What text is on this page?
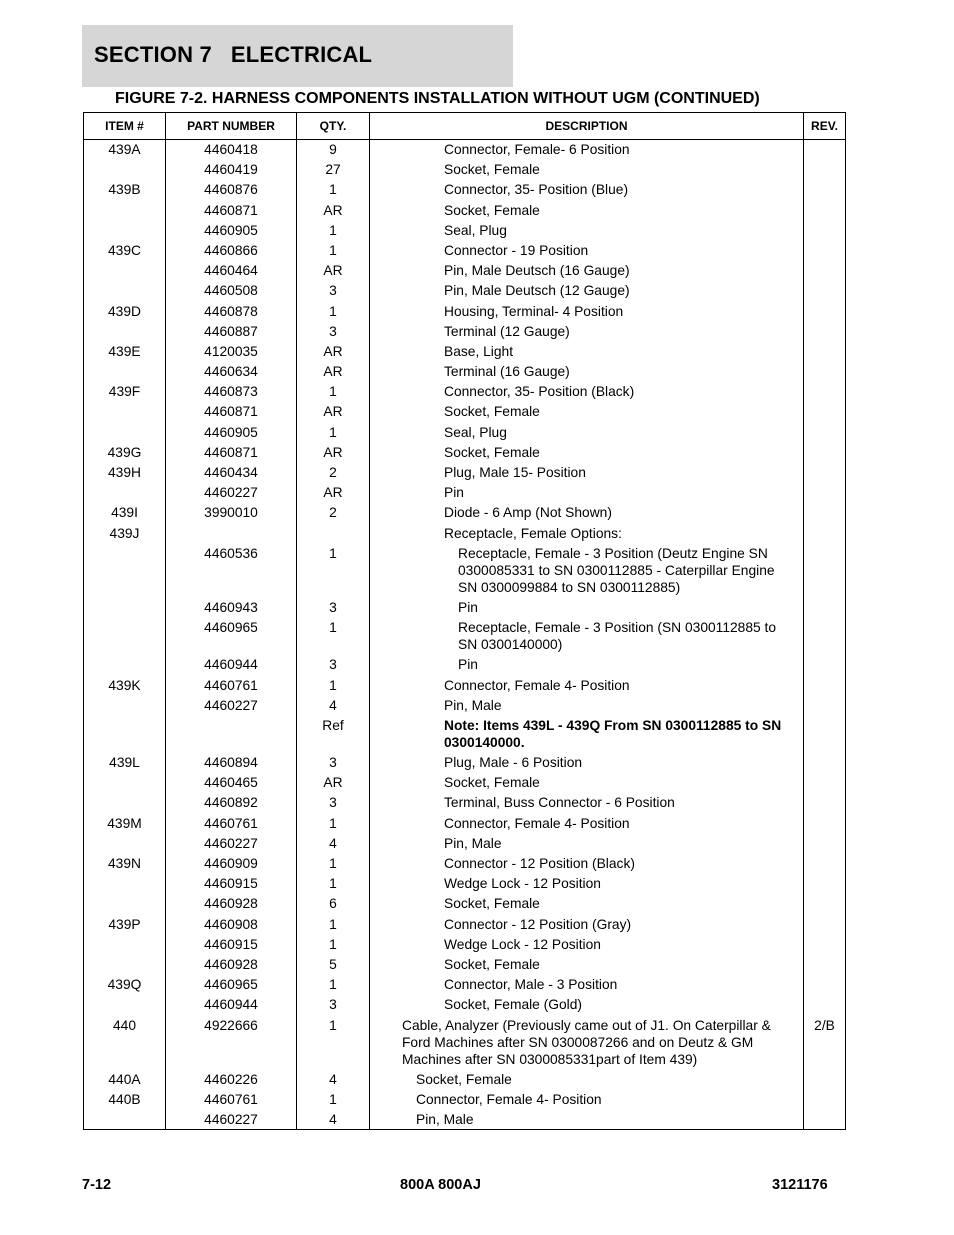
SECTION 7   ELECTRICAL
FIGURE 7-2. HARNESS COMPONENTS INSTALLATION WITHOUT UGM (CONTINUED)
ITEM #	PART NUMBER	QTY.	DESCRIPTION	REV.
439A	4460418	9	Connector, Female- 6 Position	
	4460419	27	Socket, Female	
439B	4460876	1	Connector, 35- Position (Blue)	
	4460871	AR	Socket, Female	
	4460905	1	Seal, Plug	
439C	4460866	1	Connector - 19 Position	
	4460464	AR	Pin, Male Deutsch (16 Gauge)	
	4460508	3	Pin, Male Deutsch (12 Gauge)	
439D	4460878	1	Housing, Terminal- 4 Position	
	4460887	3	Terminal (12 Gauge)	
439E	4120035	AR	Base, Light	
	4460634	AR	Terminal (16 Gauge)	
439F	4460873	1	Connector, 35- Position (Black)	
	4460871	AR	Socket, Female	
	4460905	1	Seal, Plug	
439G	4460871	AR	Socket, Female	
439H	4460434	2	Plug, Male 15- Position	
	4460227	AR	Pin	
439I	3990010	2	Diode - 6 Amp (Not Shown)	
439J			Receptacle, Female Options:	
	4460536	1	Receptacle, Female - 3 Position (Deutz Engine SN 0300085331 to SN 0300112885 - Caterpillar Engine SN 0300099884 to SN 0300112885)	
	4460943	3	Pin	
	4460965	1	Receptacle, Female - 3 Position (SN 0300112885 to SN 0300140000)	
	4460944	3	Pin	
439K	4460761	1	Connector, Female 4- Position	
	4460227	4	Pin, Male	
		Ref	Note: Items 439L - 439Q From SN 0300112885 to SN 0300140000.	
439L	4460894	3	Plug, Male - 6 Position	
	4460465	AR	Socket, Female	
	4460892	3	Terminal, Buss Connector - 6 Position	
439M	4460761	1	Connector, Female 4- Position	
	4460227	4	Pin, Male	
439N	4460909	1	Connector - 12 Position (Black)	
	4460915	1	Wedge Lock - 12 Position	
	4460928	6	Socket, Female	
439P	4460908	1	Connector - 12 Position (Gray)	
	4460915	1	Wedge Lock - 12 Position	
	4460928	5	Socket, Female	
439Q	4460965	1	Connector, Male - 3 Position	
	4460944	3	Socket, Female (Gold)	
440	4922666	1	Cable, Analyzer (Previously came out of J1. On Caterpillar & Ford Machines after SN 0300087266 and on Deutz & GM Machines after SN 0300085331part of Item 439)	2/B
440A	4460226	4	Socket, Female	
440B	4460761	1	Connector, Female 4- Position	
	4460227	4	Pin, Male	
7-12	800A 800AJ	3121176
